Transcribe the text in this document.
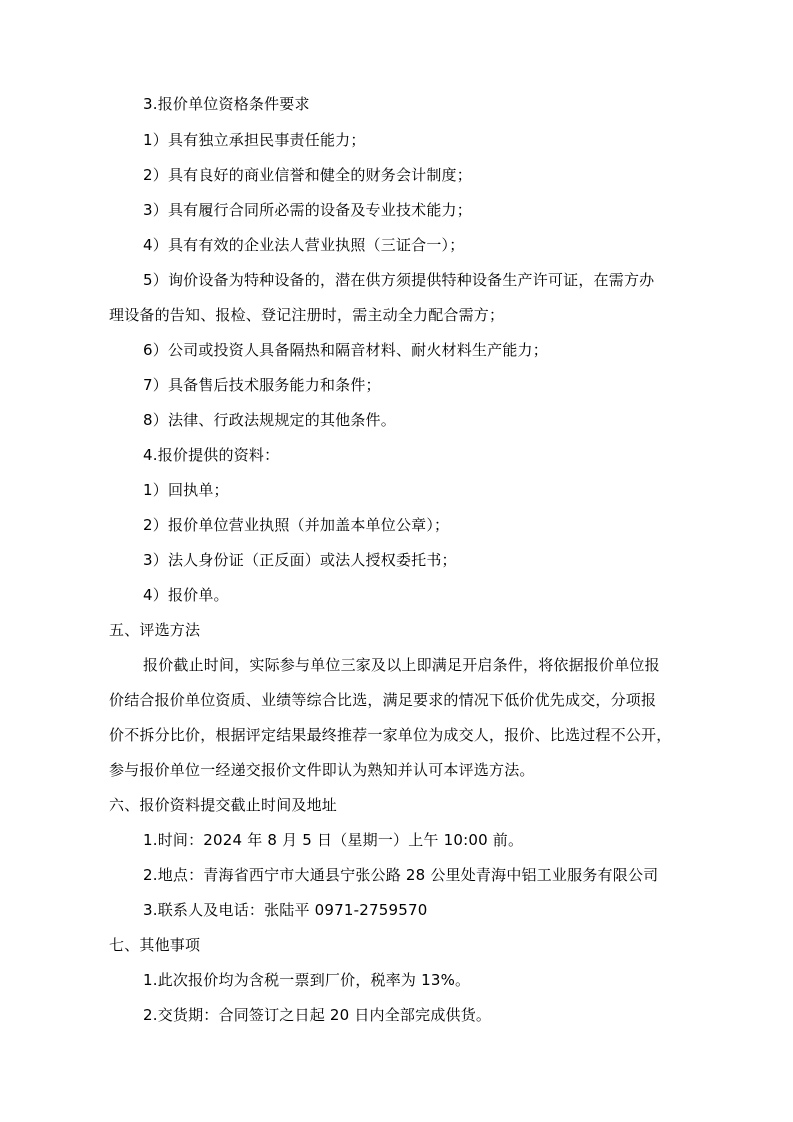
3.报价单位资格条件要求
1）具有独立承担民事责任能力；
2）具有良好的商业信誉和健全的财务会计制度；
3）具有履行合同所必需的设备及专业技术能力；
4）具有有效的企业法人营业执照（三证合一）；
5）询价设备为特种设备的，潜在供方须提供特种设备生产许可证，在需方办
理设备的告知、报检、登记注册时，需主动全力配合需方；
6）公司或投资人具备隔热和隔音材料、耐火材料生产能力；
7）具备售后技术服务能力和条件；
8）法律、行政法规规定的其他条件。
4.报价提供的资料：
1）回执单；
2）报价单位营业执照（并加盖本单位公章）；
3）法人身份证（正反面）或法人授权委托书；
4）报价单。
五、评选方法
报价截止时间，实际参与单位三家及以上即满足开启条件，将依据报价单位报
价结合报价单位资质、业绩等综合比选，满足要求的情况下低价优先成交，分项报
价不拆分比价，根据评定结果最终推荐一家单位为成交人，报价、比选过程不公开，
参与报价单位一经递交报价文件即认为熟知并认可本评选方法。
六、报价资料提交截止时间及地址
1.时间：2024 年 8 月 5 日（星期一）上午 10:00 前。
2.地点：青海省西宁市大通县宁张公路 28 公里处青海中铝工业服务有限公司
3.联系人及电话：张陆平 0971-2759570
七、其他事项
1.此次报价均为含税一票到厂价，税率为 13%。
2.交货期：合同签订之日起 20 日内全部完成供货。
